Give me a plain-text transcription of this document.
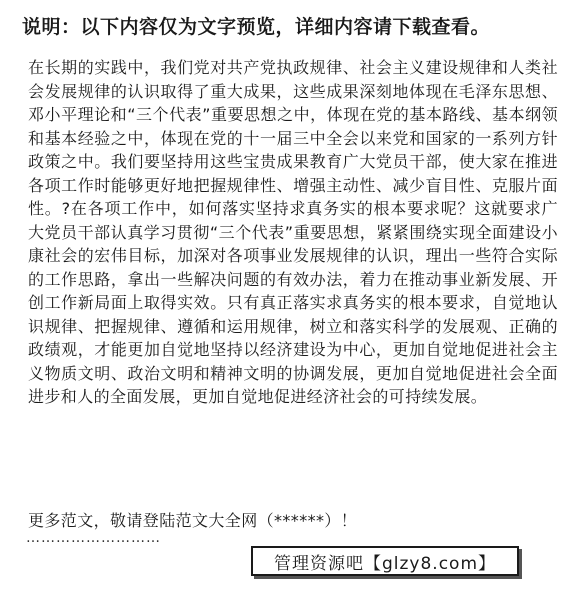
说明：以下内容仅为文字预览，详细内容请下载查看。

在长期的实践中，我们党对共产党执政规律、社会主义建设规律和人类社会发展规律的认识取得了重大成果，这些成果深刻地体现在毛泽东思想、邓小平理论和“三个代表”重要思想之中，体现在党的基本路线、基本纲领和基本经验之中，体现在党的十一届三中全会以来党和国家的一系列方针政策之中。我们要坚持用这些宝贵成果教育广大党员干部，使大家在推进各项工作时能够更好地把握规律性、增强主动性、减少盲目性、克服片面性。?在各项工作中，如何落实坚持求真务实的根本要求呢？这就要求广大党员干部认真学习贯彻“三个代表”重要思想，紧紧围绕实现全面建设小康社会的宏伟目标，加深对各项事业发展规律的认识，理出一些符合实际的工作思路，拿出一些解决问题的有效办法，着力在推动事业新发展、开创工作新局面上取得实效。只有真正落实求真务实的根本要求，自觉地认识规律、把握规律、遵循和运用规律，树立和落实科学的发展观、正确的政绩观，才能更加自觉地坚持以经济建设为中心，更加自觉地促进社会主义物质文明、政治文明和精神文明的协调发展，更加自觉地促进社会全面进步和人的全面发展，更加自觉地促进经济社会的可持续发展。

更多范文，敬请登陆范文大全网（******）！
………………………
管理资源吧【glzy8.com】
